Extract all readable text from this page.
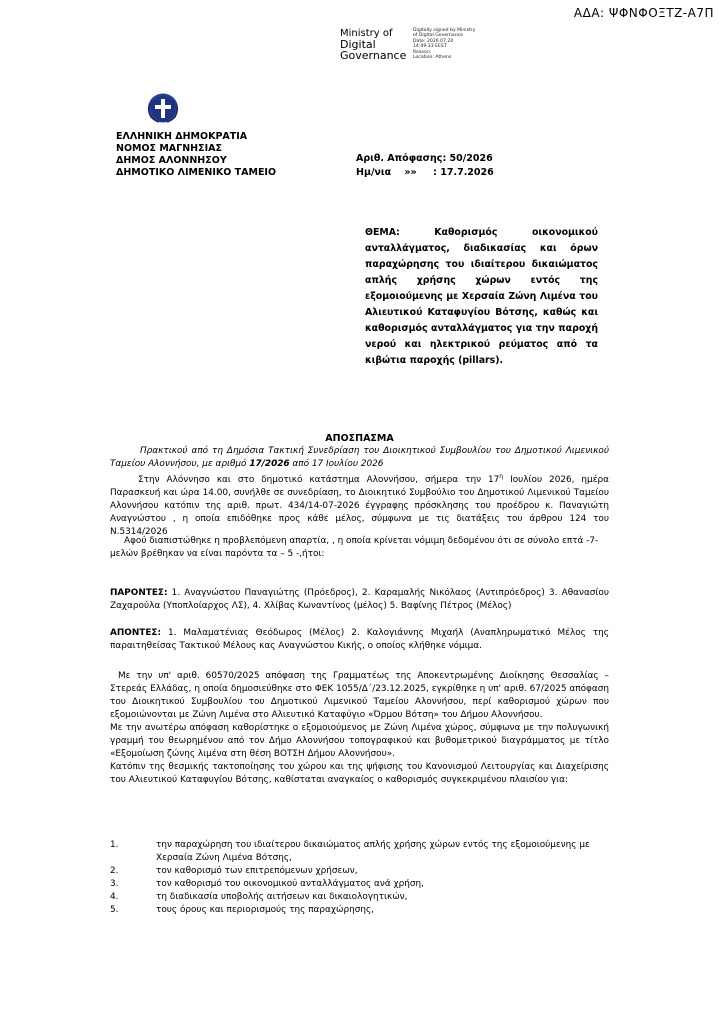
ΑΔΑ: ΨΦΝΦΟΞΤΖ-Α7Π
Ministry of
Digital
Governance
Digitally signed by Ministry
of Digital Governance
Date: 2026.07.20
14:49:33 EEST
Reason:
Location: Athens
ΕΛΛΗΝΙΚΗ ΔΗΜΟΚΡΑΤΙΑ
ΝΟΜΟΣ ΜΑΓΝΗΣΙΑΣ
ΔΗΜΟΣ ΑΛΟΝΝΗΣΟΥ
ΔΗΜΟΤΙΚΟ ΛΙΜΕΝΙΚΟ ΤΑΜΕΙΟ
Αριθ. Απόφασης: 50/2026
Ημ/νια    »»     : 17.7.2026
ΘΕΜΑ: Καθορισμός οικονομικού ανταλλάγματος, διαδικασίας και όρων παραχώρησης του ιδιαίτερου δικαιώματος απλής χρήσης χώρων εντός της εξομοιούμενης με Χερσαία Ζώνη Λιμένα του Αλιευτικού Καταφυγίου Βότσης, καθώς και καθορισμός ανταλλάγματος για την παροχή νερού και ηλεκτρικού ρεύματος από τα κιβώτια παροχής (pillars).
ΑΠΟΣΠΑΣΜΑ
Πρακτικού από τη Δημόσια Τακτική Συνεδρίαση του Διοικητικού Συμβουλίου του Δημοτικού Λιμενικού Ταμείου Αλοννήσου, με αριθμό 17/2026 από 17 Ιουλίου 2026

Στην Αλόννησο και στο δημοτικό κατάστημα Αλοννήσου, σήμερα την $17^\eta$ Ιουλίου 2026, ημέρα Παρασκευή και ώρα 14.00, συνήλθε σε συνεδρίαση, το Διοικητικό Συμβούλιο του Δημοτικού Λιμενικού Ταμείου Αλοννήσου κατόπιν της αριθ. πρωτ. 434/14-07-2026 έγγραφης πρόσκλησης του προέδρου κ. Παναγιώτη Αναγνώστου , η οποία επιδόθηκε προς κάθε μέλος, σύμφωνα με τις διατάξεις του άρθρου 124 του Ν.5314/2026

Αφού διαπιστώθηκε η προβλεπόμενη απαρτία, , η οποία κρίνεται νόμιμη δεδομένου ότι σε σύνολο επτά -7- μελών βρέθηκαν να είναι παρόντα τα – 5 -,ήτοι:
ΠΑΡΟΝΤΕΣ: 1. Αναγνώστου Παναγιώτης (Πρόεδρος), 2. Καραμαλής Νικόλαος (Αντιπρόεδρος) 3. Αθανασίου Ζαχαρούλα (Υποπλοίαρχος ΛΣ), 4. Χλίβας Κωναντίνος (μέλος) 5. Βαφίνης Πέτρος (Μέλος)
ΑΠΟΝΤΕΣ: 1. Μαλαματένιας Θεόδωρος (Μέλος) 2. Καλογιάννης Μιχαήλ (Αναπληρωματικό Μέλος της παραιτηθείσας Τακτικού Μέλους κας Αναγνώστου Κικής, ο οποίος κλήθηκε νόμιμα.

Με την υπ' αριθ. 60570/2025 απόφαση της Γραμματέως της Αποκεντρωμένης Διοίκησης Θεσσαλίας – Στερεάς Ελλάδας, η οποία δημοσιεύθηκε στο ΦΕΚ 1055/Δ΄/23.12.2025, εγκρίθηκε η υπ' αριθ. 67/2025 απόφαση του Διοικητικού Συμβουλίου του Δημοτικού Λιμενικού Ταμείου Αλοννήσου, περί καθορισμού χώρων που εξομοιώνονται με Ζώνη Λιμένα στο Αλιευτικό Καταφύγιο «Όρμου Βότση» του Δήμου Αλοννήσου.

Με την ανωτέρω απόφαση καθορίστηκε ο εξομοιούμενος με Ζώνη Λιμένα χώρος, σύμφωνα με την πολυγωνική γραμμή του θεωρημένου από τον Δήμο Αλοννήσου τοπογραφικού και βυθομετρικού διαγράμματος με τίτλο «Εξομοίωση ζώνης λιμένα στη θέση ΒΟΤΣΗ Δήμου Αλοννήσου».

Κατόπιν της θεσμικής τακτοποίησης του χώρου και της ψήφισης του Κανονισμού Λειτουργίας και Διαχείρισης του Αλιευτικού Καταφυγίου Βότσης, καθίσταται αναγκαίος ο καθορισμός συγκεκριμένου πλαισίου για:

1.	την παραχώρηση του ιδιαίτερου δικαιώματος απλής χρήσης χώρων εντός της εξομοιούμενης με Χερσαία Ζώνη Λιμένα Βότσης,
2.	τον καθορισμό των επιτρεπόμενων χρήσεων,
3.	τον καθορισμό του οικονομικού ανταλλάγματος ανά χρήση,
4.	τη διαδικασία υποβολής αιτήσεων και δικαιολογητικών,
5.	τους όρους και περιορισμούς της παραχώρησης,
